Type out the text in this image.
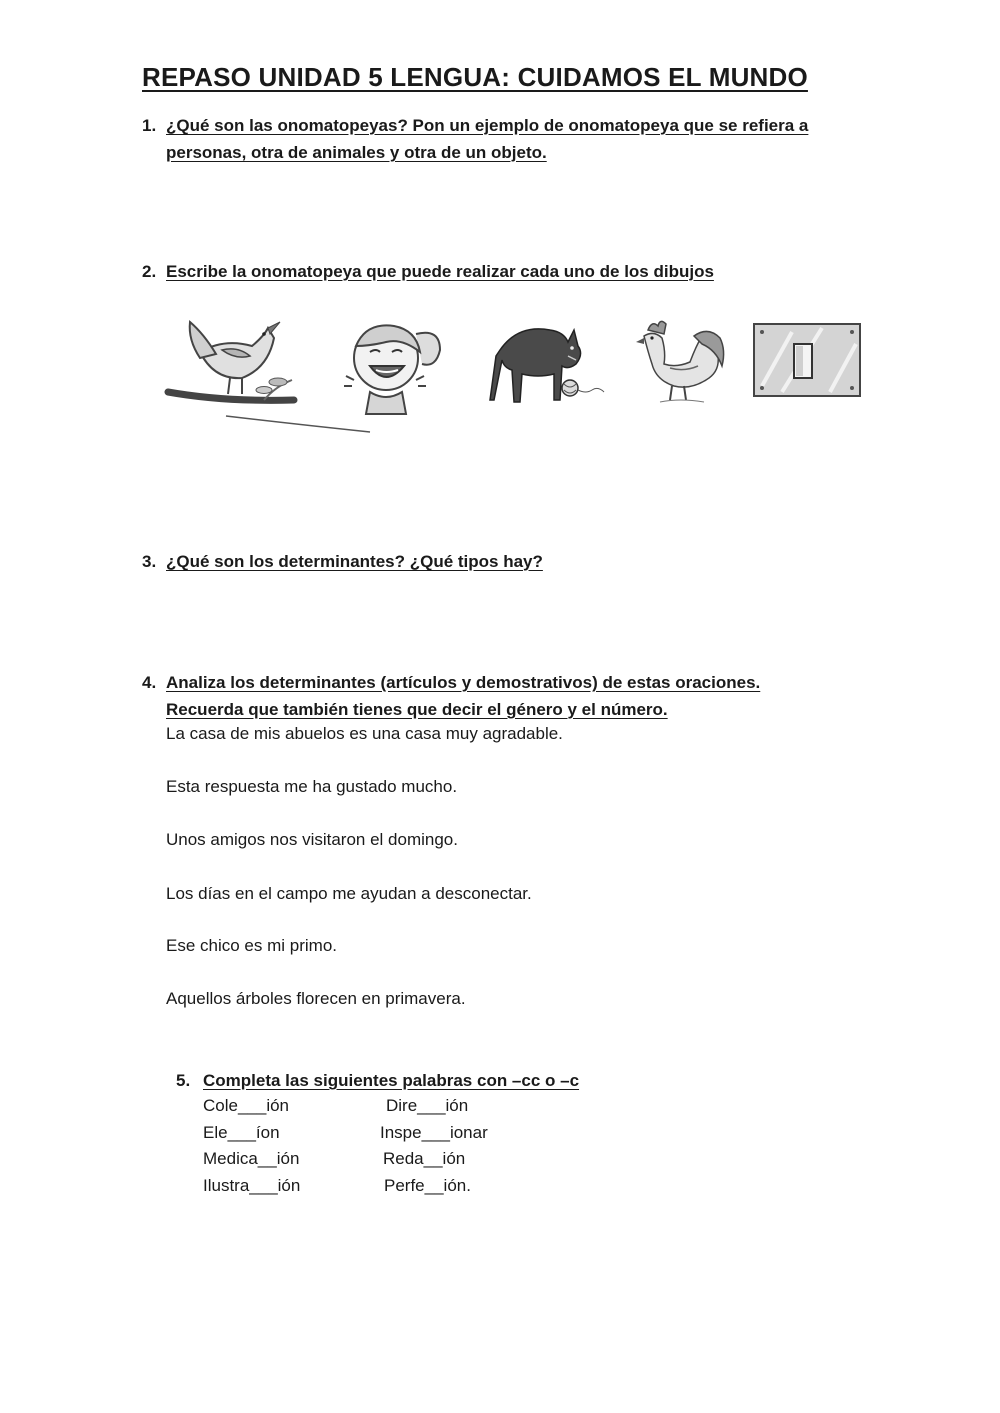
REPASO UNIDAD 5 LENGUA: CUIDAMOS EL MUNDO
1. ¿Qué son las onomatopeyas? Pon un ejemplo de onomatopeya que se refiera a personas, otra de animales y otra de un objeto.
2. Escribe la onomatopeya que puede realizar cada uno de los dibujos
3. ¿Qué son los determinantes? ¿Qué tipos hay?
4. Analiza los determinantes (artículos y demostrativos) de estas oraciones.
Recuerda que también tienes que decir el género y el número.
La casa de mis abuelos es una casa muy agradable.
Esta respuesta me ha gustado mucho.
Unos amigos nos visitaron el domingo.
Los días en el campo me ayudan a desconectar.
Ese chico es mi primo.
Aquellos árboles florecen en primavera.
5. Completa las siguientes palabras con –cc o –c
Cole___ión	Dire___ión
Ele___íon	Inspe___ionar
Medica__ión	Reda__ión
Ilustra___ión	Perfe__ión.
